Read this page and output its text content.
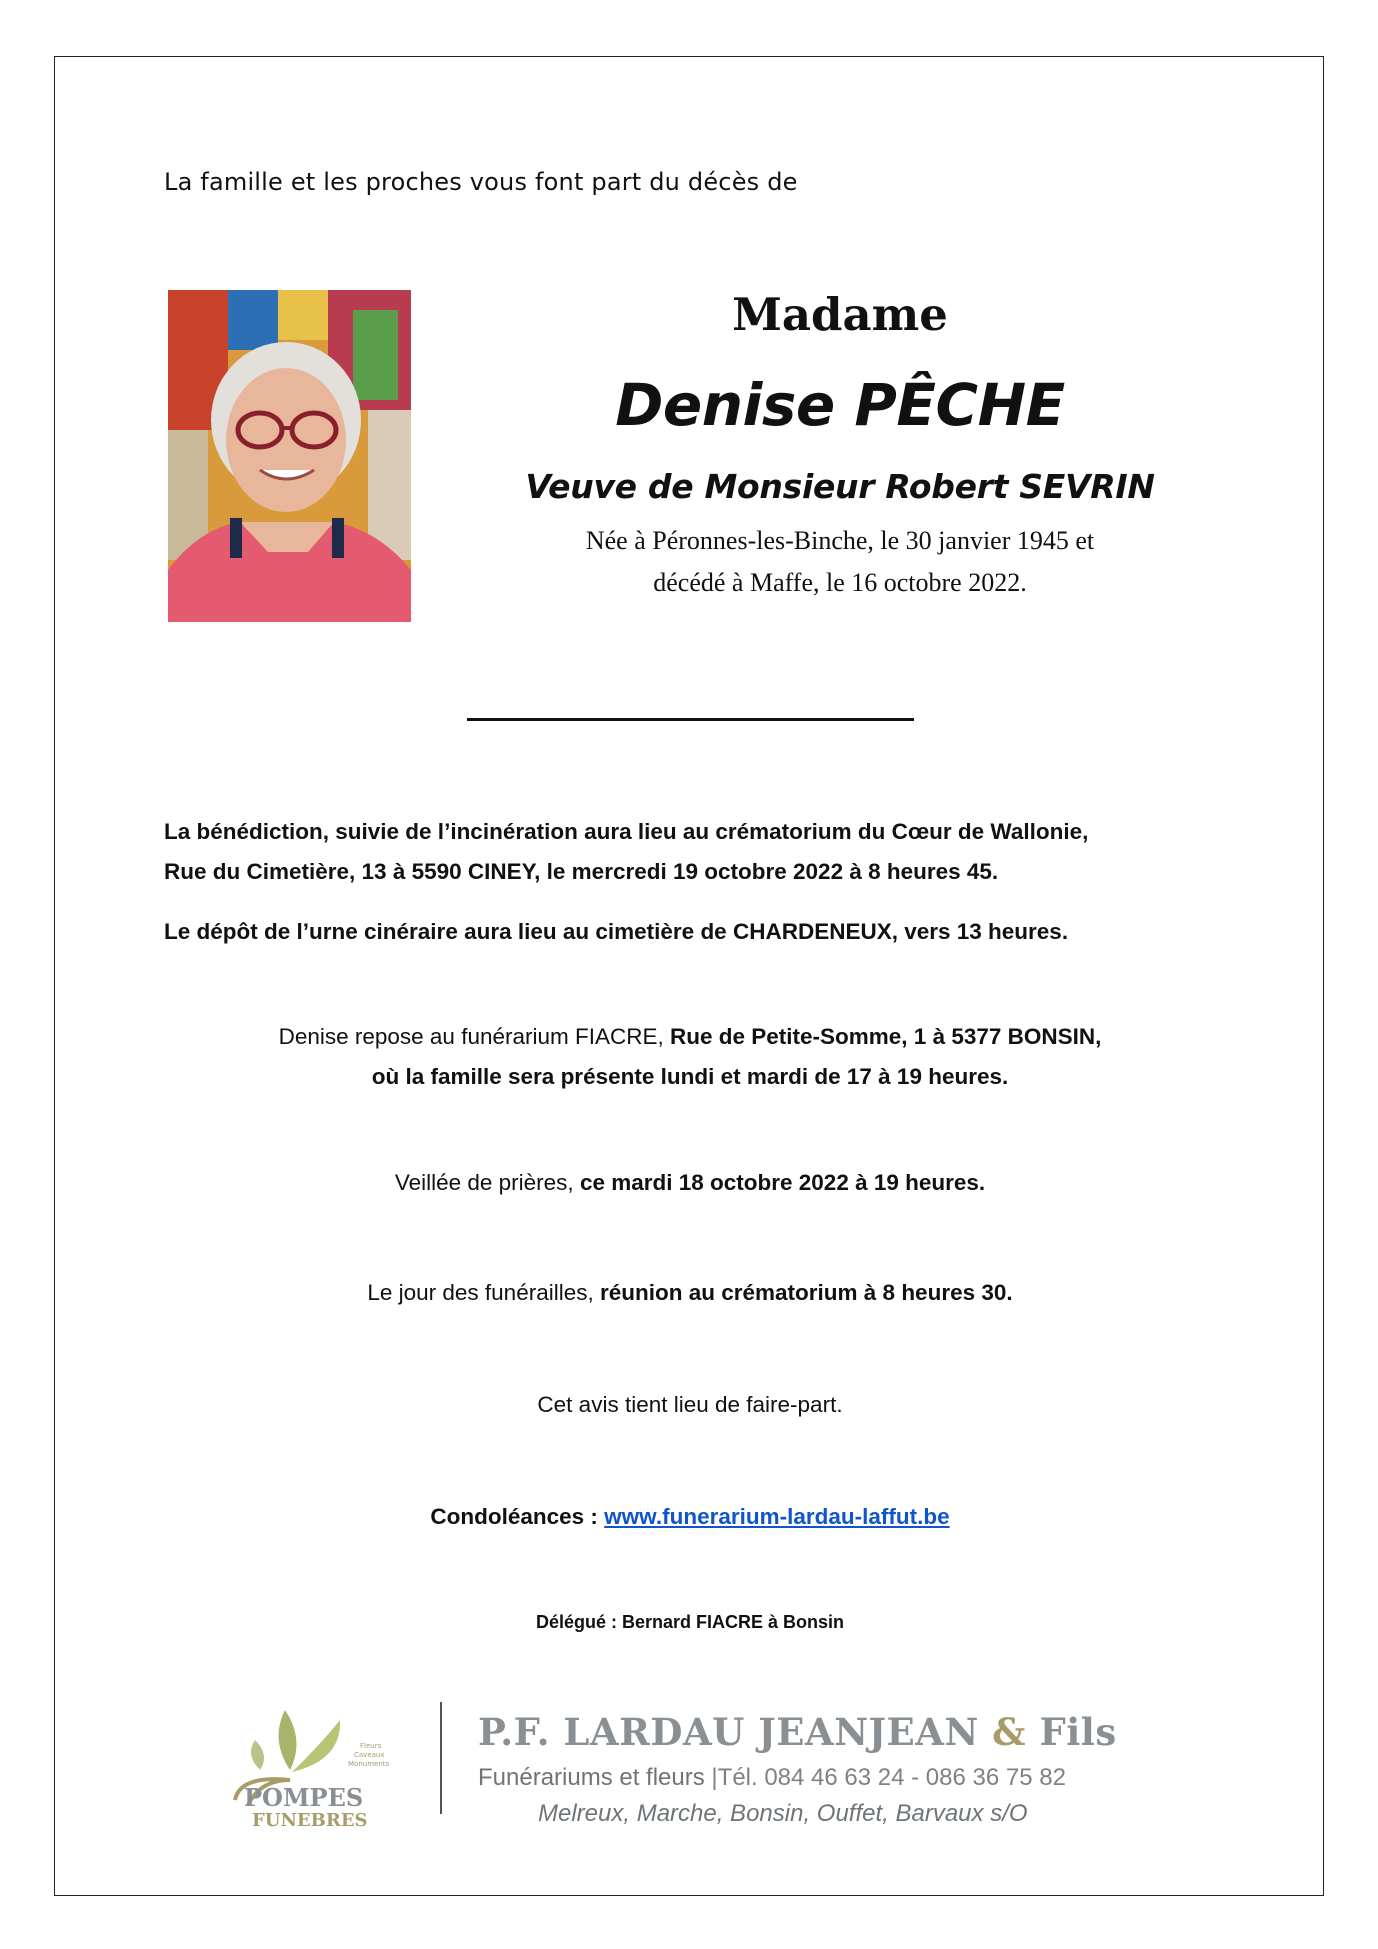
La famille et les proches vous font part du décès de
Madame
Denise PÊCHE
Veuve de Monsieur Robert SEVRIN
Née à Péronnes-les-Binche, le 30 janvier 1945 et
décédé à Maffe, le 16 octobre 2022.
La bénédiction, suivie de l’incinération aura lieu au crématorium du Cœur de Wallonie,
Rue du Cimetière, 13 à 5590 CINEY, le mercredi 19 octobre 2022 à 8 heures 45.
Le dépôt de l’urne cinéraire aura lieu au cimetière de CHARDENEUX, vers 13 heures.
Denise repose au funérarium FIACRE, Rue de Petite-Somme, 1 à 5377 BONSIN,
où la famille sera présente lundi et mardi de 17 à 19 heures.
Veillée de prières, ce mardi 18 octobre 2022 à 19 heures.
Le jour des funérailles, réunion au crématorium à 8 heures 30.
Cet avis tient lieu de faire-part.
Condoléances : www.funerarium-lardau-laffut.be
Délégué : Bernard FIACRE à Bonsin
POMPES
FUNEBRES
Fleurs
Caveaux
Monuments
P.F. LARDAU JEANJEAN & Fils
Funérariums et fleurs |Tél. 084 46 63 24 - 086 36 75 82
Melreux, Marche, Bonsin, Ouffet, Barvaux s/O
